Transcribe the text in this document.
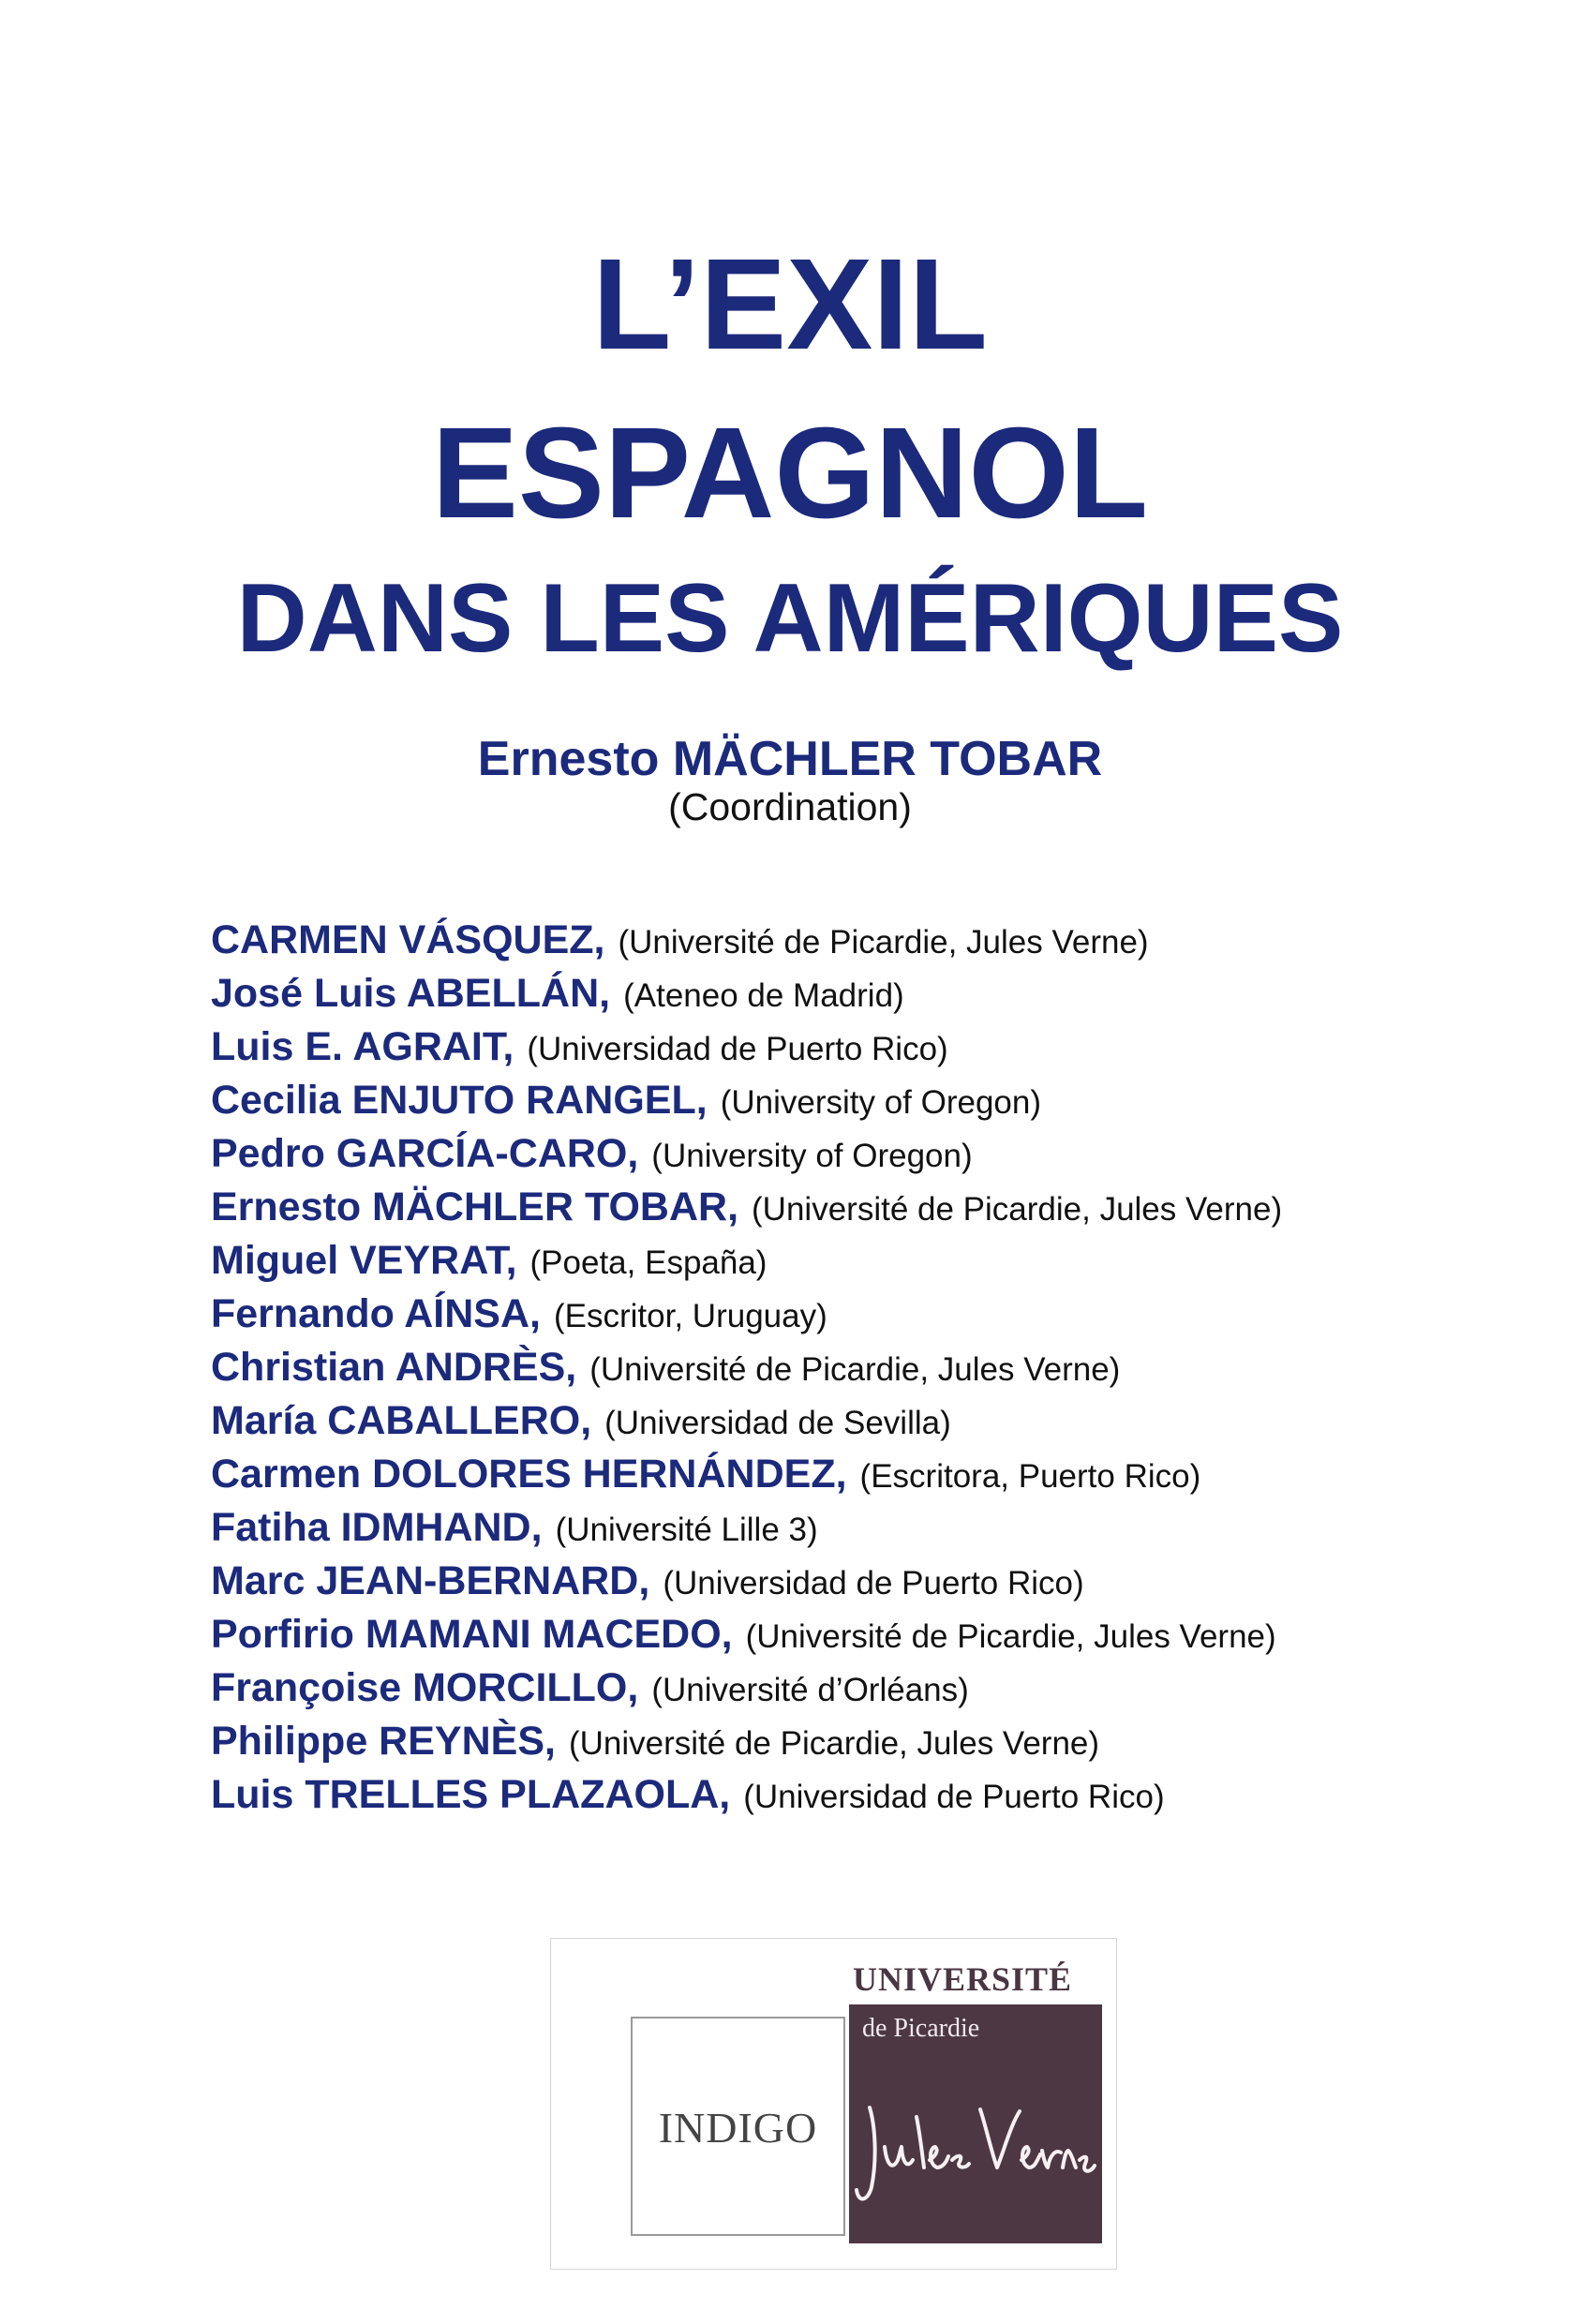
L’EXIL
ESPAGNOL
DANS LES AMÉRIQUES
Ernesto MÄCHLER TOBAR
(Coordination)
CARMEN VÁSQUEZ, (Université de Picardie, Jules Verne)
José Luis ABELLÁN, (Ateneo de Madrid)
Luis E. AGRAIT, (Universidad de Puerto Rico)
Cecilia ENJUTO RANGEL, (University of Oregon)
Pedro GARCÍA-CARO, (University of Oregon)
Ernesto MÄCHLER TOBAR, (Université de Picardie, Jules Verne)
Miguel VEYRAT, (Poeta, España)
Fernando AÍNSA, (Escritor, Uruguay)
Christian ANDRÈS, (Université de Picardie, Jules Verne)
María CABALLERO, (Universidad de Sevilla)
Carmen DOLORES HERNÁNDEZ, (Escritora, Puerto Rico)
Fatiha IDMHAND, (Université Lille 3)
Marc JEAN-BERNARD, (Universidad de Puerto Rico)
Porfirio MAMANI MACEDO, (Université de Picardie, Jules Verne)
Françoise MORCILLO, (Université d’Orléans)
Philippe REYNÈS, (Université de Picardie, Jules Verne)
Luis TRELLES PLAZAOLA, (Universidad de Puerto Rico)
INDIGO
UNIVERSITÉ
de Picardie
